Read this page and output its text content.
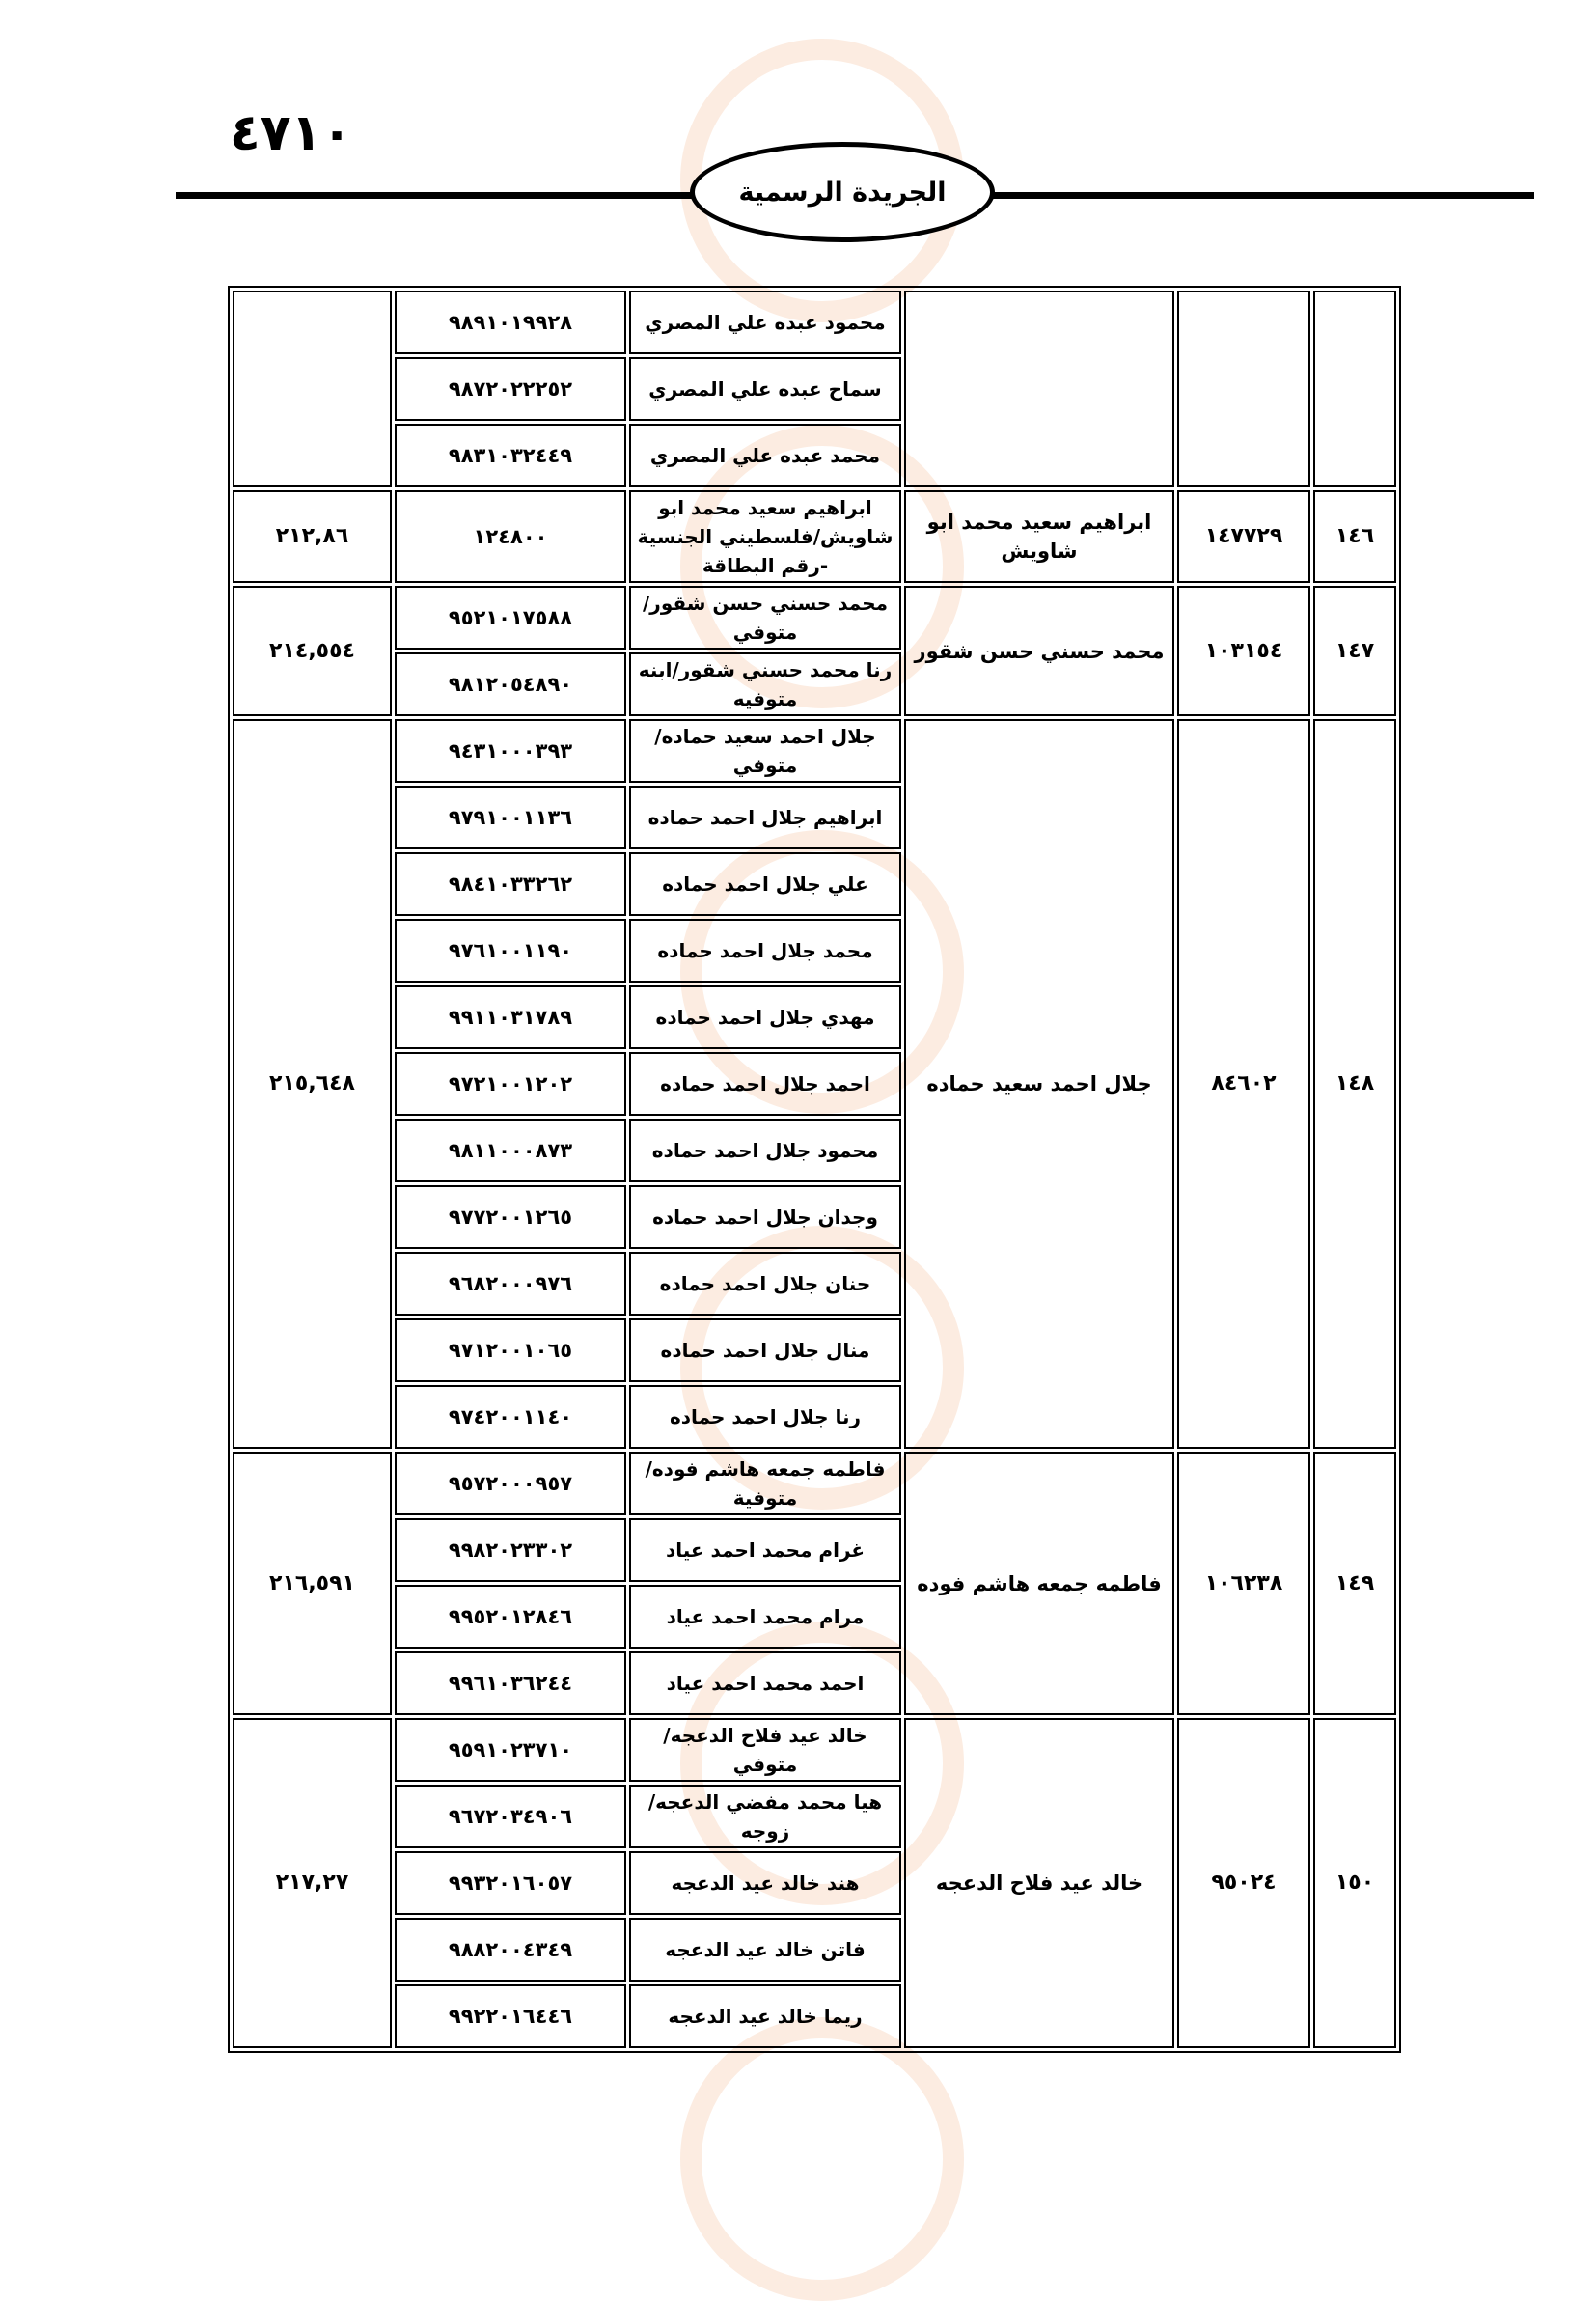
٤٧١٠
الجريدة الرسمية
			محمود عبده علي المصري	٩٨٩١٠١٩٩٢٨	
			سماح عبده علي المصري	٩٨٧٢٠٢٢٢٥٢	
			محمد عبده علي المصري	٩٨٣١٠٣٢٤٤٩	
١٤٦	١٤٧٧٢٩	ابراهيم سعيد محمد ابو شاويش	ابراهيم سعيد محمد ابو شاويش/فلسطيني الجنسية -رقم البطاقة	١٢٤٨٠٠	٢١٢,٨٦
١٤٧	١٠٣١٥٤	محمد حسني حسن شقور	محمد حسني حسن شقور/ متوفي	٩٥٢١٠١٧٥٨٨	٢١٤,٥٥٤
			رنا محمد حسني شقور/ابنه متوفيه	٩٨١٢٠٥٤٨٩٠	
١٤٨	٨٤٦٠٢	جلال احمد سعيد حماده	جلال احمد سعيد حماده/ متوفي	٩٤٣١٠٠٠٣٩٣	٢١٥,٦٤٨
			ابراهيم جلال احمد حماده	٩٧٩١٠٠١١٣٦	
			علي جلال احمد حماده	٩٨٤١٠٣٣٢٦٢	
			محمد جلال احمد حماده	٩٧٦١٠٠١١٩٠	
			مهدي جلال احمد حماده	٩٩١١٠٣١٧٨٩	
			احمد جلال احمد حماده	٩٧٢١٠٠١٢٠٢	
			محمود جلال احمد حماده	٩٨١١٠٠٠٨٧٣	
			وجدان جلال احمد حماده	٩٧٧٢٠٠١٢٦٥	
			حنان جلال احمد حماده	٩٦٨٢٠٠٠٩٧٦	
			منال جلال احمد حماده	٩٧١٢٠٠١٠٦٥	
			رنا جلال احمد حماده	٩٧٤٢٠٠١١٤٠	
١٤٩	١٠٦٢٣٨	فاطمه جمعه هاشم فوده	فاطمه جمعه هاشم فوده/ متوفية	٩٥٧٢٠٠٠٩٥٧	٢١٦,٥٩١
			غرام محمد احمد عياد	٩٩٨٢٠٢٣٣٠٢	
			مرام محمد احمد عياد	٩٩٥٢٠١٢٨٤٦	
			احمد محمد احمد عياد	٩٩٦١٠٣٦٢٤٤	
١٥٠	٩٥٠٢٤	خالد عيد فلاح الدعجه	خالد عيد فلاح الدعجه/ متوفي	٩٥٩١٠٢٣٧١٠	٢١٧,٢٧
			هيا محمد مفضي الدعجه/ زوجه	٩٦٧٢٠٣٤٩٠٦	
			هند خالد عيد الدعجه	٩٩٣٢٠١٦٠٥٧	
			فاتن خالد عيد الدعجه	٩٨٨٢٠٠٤٣٤٩	
			ريما خالد عيد الدعجه	٩٩٢٢٠١٦٤٤٦	
